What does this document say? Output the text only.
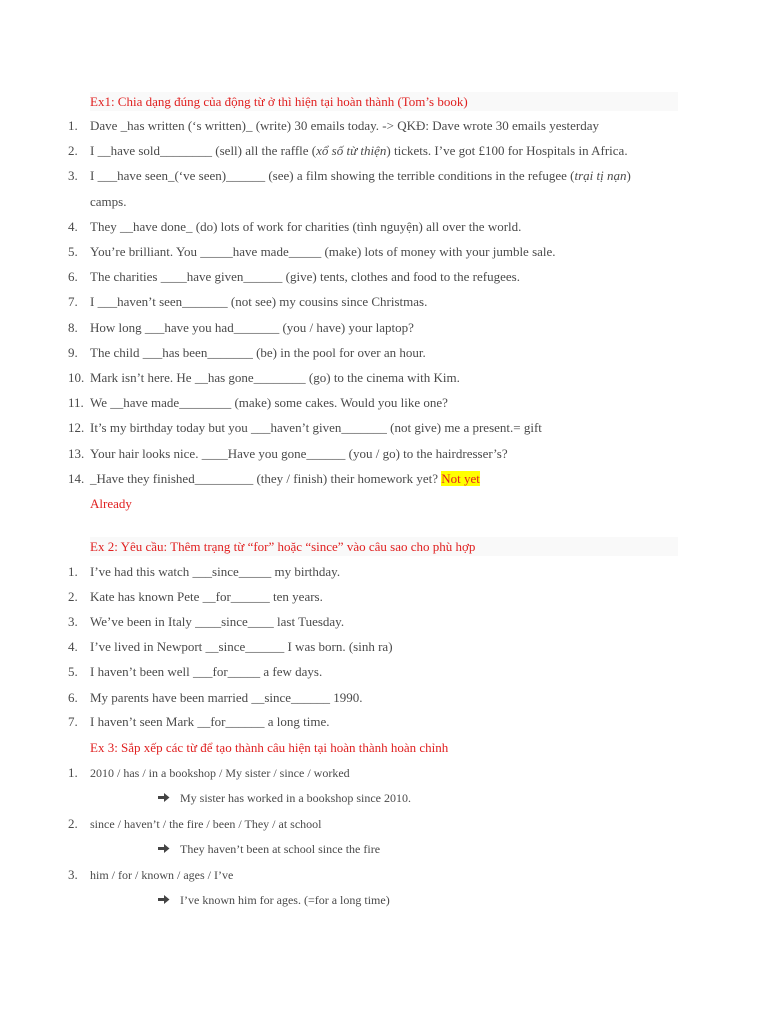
Ex1: Chia dạng đúng của động từ ở thì hiện tại hoàn thành (Tom’s book)
1. Dave _has written (‘s written)_ (write) 30 emails today. -> QKĐ: Dave wrote 30 emails yesterday
2. I __have sold________ (sell) all the raffle (xổ số từ thiện) tickets. I’ve got £100 for Hospitals in Africa.
3. I ___have seen_(‘ve seen)______ (see) a film showing the terrible conditions in the refugee (trại tị nạn)
camps.
4. They __have done_ (do) lots of work for charities (tình nguyện) all over the world.
5. You’re brilliant. You _____have made_____ (make) lots of money with your jumble sale.
6. The charities ____have given______ (give) tents, clothes and food to the refugees.
7. I ___haven’t seen_______ (not see) my cousins since Christmas.
8. How long ___have you had_______ (you / have) your laptop?
9. The child ___has been_______ (be) in the pool for over an hour.
10. Mark isn’t here. He __has gone________ (go) to the cinema with Kim.
11. We __have made________ (make) some cakes. Would you like one?
12. It’s my birthday today but you ___haven’t given_______ (not give) me a present.= gift
13. Your hair looks nice. ____Have you gone______ (you / go) to the hairdresser’s?
14. _Have they finished_________ (they / finish) their homework yet? Not yet
Already
Ex 2: Yêu cầu: Thêm trạng từ “for” hoặc “since” vào câu sao cho phù hợp
1. I’ve had this watch ___since_____ my birthday.
2. Kate has known Pete __for______ ten years.
3. We’ve been in Italy ____since____ last Tuesday.
4. I’ve lived in Newport __since______ I was born. (sinh ra)
5. I haven’t been well ___for_____ a few days.
6. My parents have been married __since______ 1990.
7. I haven’t seen Mark __for______ a long time.
Ex 3: Sắp xếp các từ để tạo thành câu hiện tại hoàn thành hoàn chỉnh
1. 2010 / has / in a bookshop / My sister / since / worked
My sister has worked in a bookshop since 2010.
2. since / haven’t / the fire / been / They / at school
They haven’t been at school since the fire
3. him / for / known / ages / I’ve
I’ve known him for ages. (=for a long time)
